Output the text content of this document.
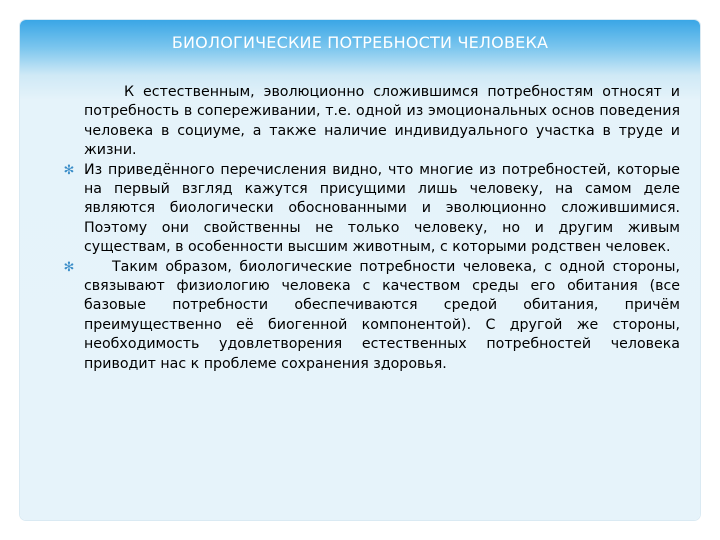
БИОЛОГИЧЕСКИЕ ПОТРЕБНОСТИ ЧЕЛОВЕКА

К естественным, эволюционно сложившимся потребностям относят и потребность в сопереживании, т.е. одной из эмоциональных основ поведения человека в социуме, а также наличие индивидуального участка в труде и жизни.

✻ Из приведённого перечисления видно, что многие из потребностей, которые на первый взгляд кажутся присущими лишь человеку, на самом деле являются биологически обоснованными и эволюционно сложившимися. Поэтому они свойственны не только человеку, но и другим живым существам, в особенности высшим животным, с которыми родствен человек.

✻	Таким образом, биологические потребности человека, с одной стороны, связывают физиологию человека с качеством среды его обитания (все базовые потребности обеспечиваются средой обитания, причём преимущественно её биогенной компонентой). С другой же стороны, необходимость удовлетворения естественных потребностей человека приводит нас к проблеме сохранения здоровья.
